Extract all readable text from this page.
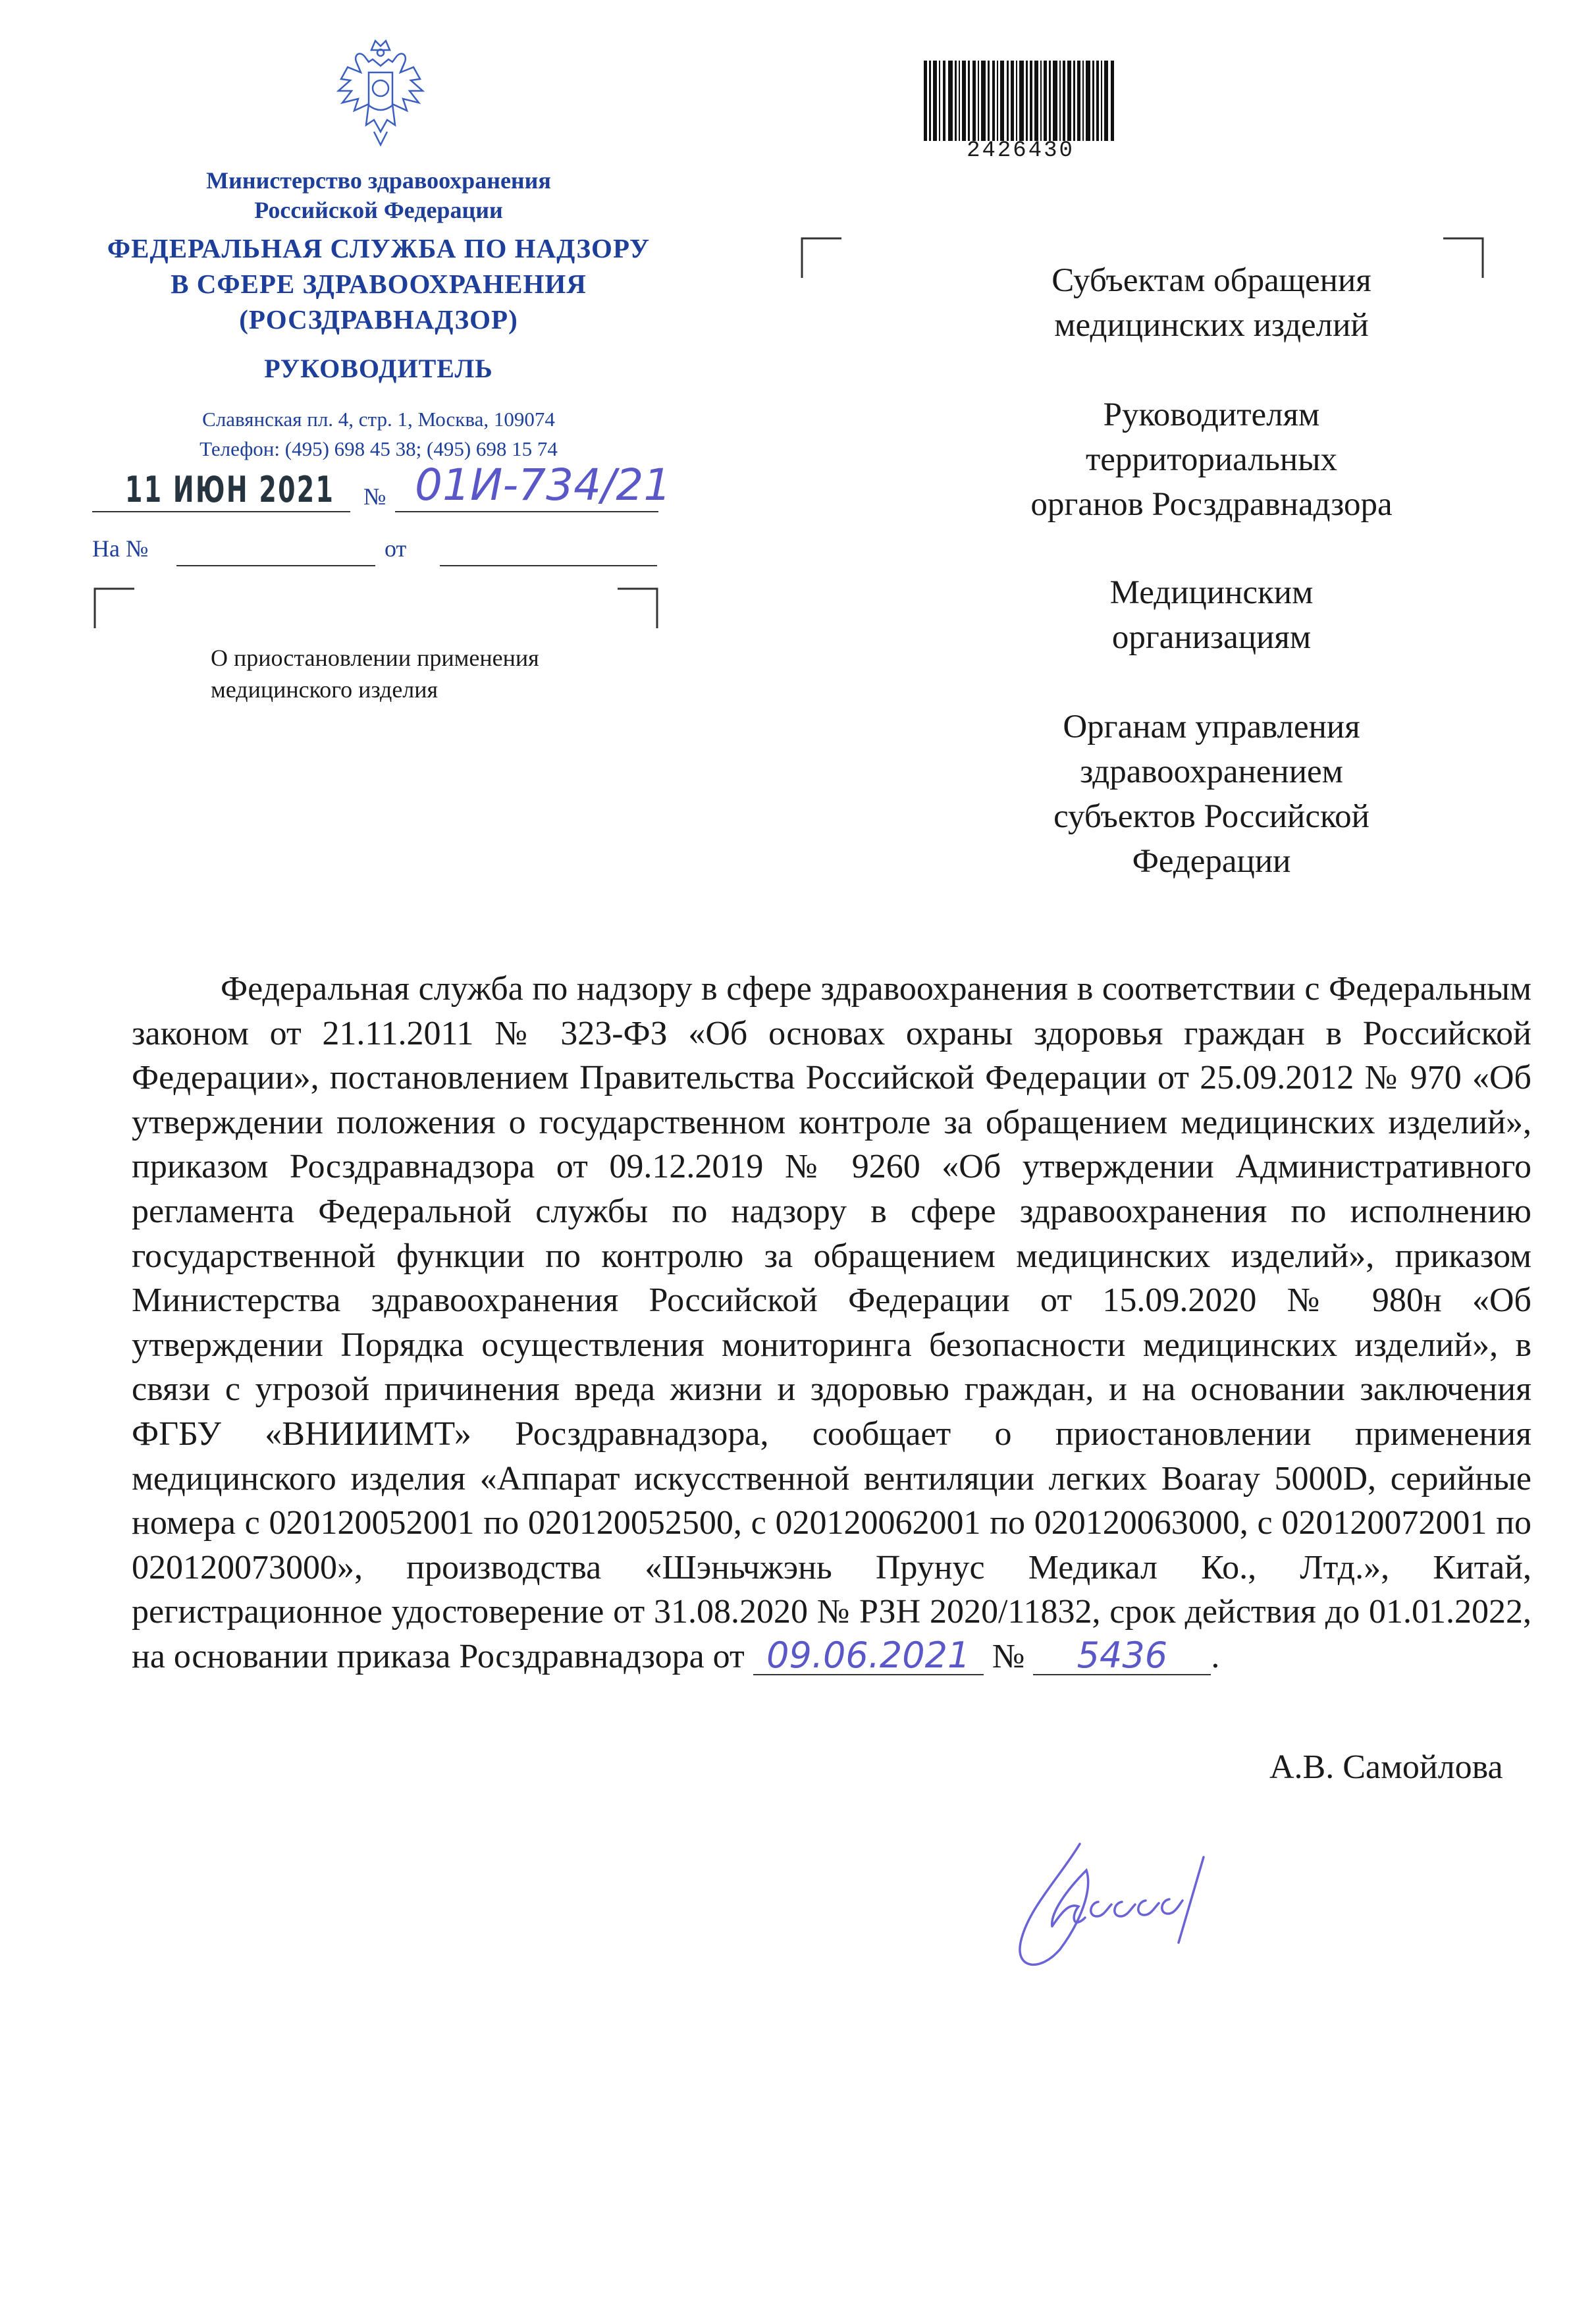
Министерство здравоохранения
Российской Федерации
ФЕДЕРАЛЬНАЯ СЛУЖБА ПО НАДЗОРУ
В СФЕРЕ ЗДРАВООХРАНЕНИЯ
(РОСЗДРАВНАДЗОР)
РУКОВОДИТЕЛЬ
Славянская пл. 4, стр. 1, Москва, 109074
Телефон: (495) 698 45 38; (495) 698 15 74
11 ИЮН 2021 № 01И-734/21
На №	от
О приостановлении применения
медицинского изделия
2426430
Субъектам обращения
медицинских изделий
Руководителям
территориальных
органов Росздравнадзора
Медицинским
организациям
Органам управления
здравоохранением
субъектов Российской
Федерации

Федеральная служба по надзору в сфере здравоохранения в соответствии с Федеральным законом от 21.11.2011 № 323-ФЗ «Об основах охраны здоровья граждан в Российской Федерации», постановлением Правительства Российской Федерации от 25.09.2012 № 970 «Об утверждении положения о государственном контроле за обращением медицинских изделий», приказом Росздравнадзора от 09.12.2019 № 9260 «Об утверждении Административного регламента Федеральной службы по надзору в сфере здравоохранения по исполнению государственной функции по контролю за обращением медицинских изделий», приказом Министерства здравоохранения Российской Федерации от 15.09.2020 № 980н «Об утверждении Порядка осуществления мониторинга безопасности медицинских изделий», в связи с угрозой причинения вреда жизни и здоровью граждан, и на основании заключения ФГБУ «ВНИИИМТ» Росздравнадзора, сообщает о приостановлении применения медицинского изделия «Аппарат искусственной вентиляции легких Boaray 5000D, серийные номера с 020120052001 по 020120052500, с 020120062001 по 020120063000, с 020120072001 по 020120073000», производства «Шэньчжэнь Прунус Медикал Ко., Лтд.», Китай, регистрационное удостоверение от 31.08.2020 № РЗН 2020/11832, срок действия до 01.01.2022, на основании приказа Росздравнадзора от 09.06.2021 № 5436 .

А.В. Самойлова
